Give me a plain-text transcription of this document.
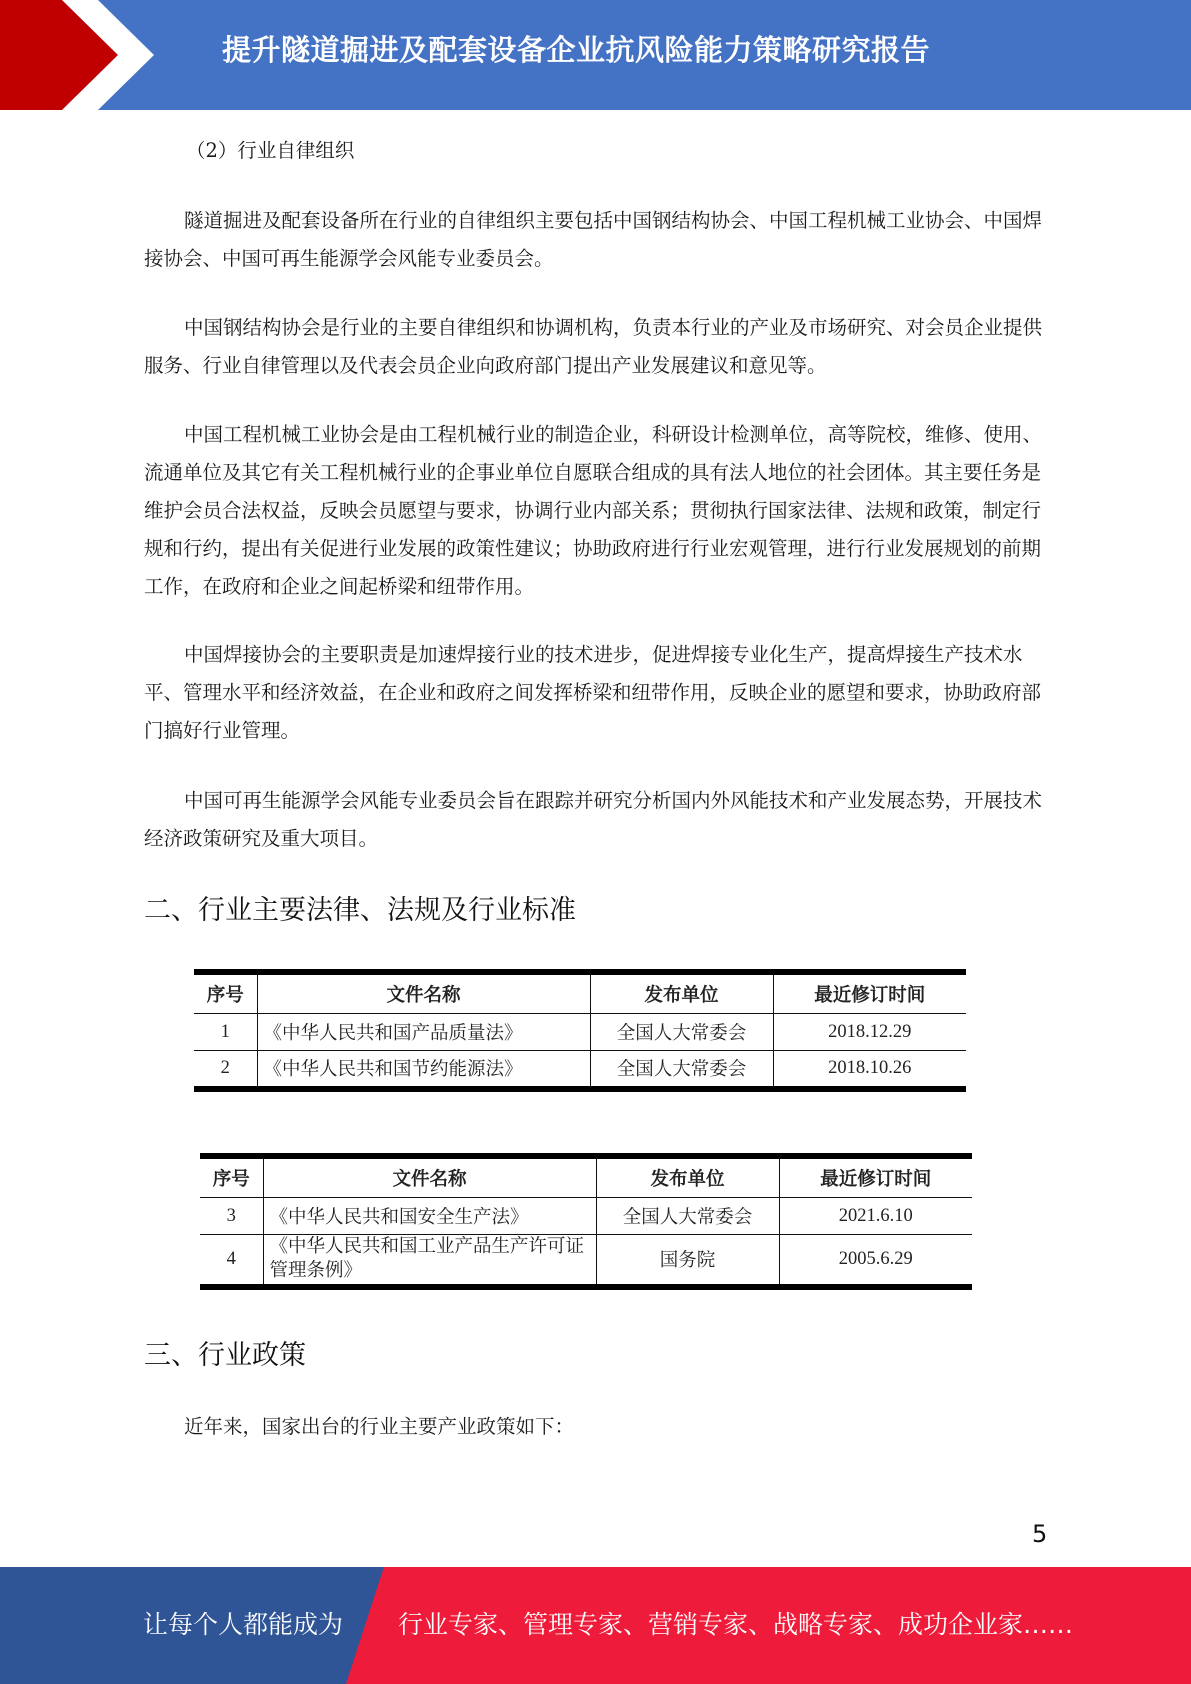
提升隧道掘进及配套设备企业抗风险能力策略研究报告
（2）行业自律组织

隧道掘进及配套设备所在行业的自律组织主要包括中国钢结构协会、中国工程机械工业协会、中国焊接协会、中国可再生能源学会风能专业委员会。

中国钢结构协会是行业的主要自律组织和协调机构，负责本行业的产业及市场研究、对会员企业提供服务、行业自律管理以及代表会员企业向政府部门提出产业发展建议和意见等。

中国工程机械工业协会是由工程机械行业的制造企业，科研设计检测单位，高等院校，维修、使用、流通单位及其它有关工程机械行业的企事业单位自愿联合组成的具有法人地位的社会团体。其主要任务是维护会员合法权益，反映会员愿望与要求，协调行业内部关系；贯彻执行国家法律、法规和政策，制定行规和行约，提出有关促进行业发展的政策性建议；协助政府进行行业宏观管理，进行行业发展规划的前期工作，在政府和企业之间起桥梁和纽带作用。

中国焊接协会的主要职责是加速焊接行业的技术进步，促进焊接专业化生产，提高焊接生产技术水平、管理水平和经济效益，在企业和政府之间发挥桥梁和纽带作用，反映企业的愿望和要求，协助政府部门搞好行业管理。

中国可再生能源学会风能专业委员会旨在跟踪并研究分析国内外风能技术和产业发展态势，开展技术经济政策研究及重大项目。

二、行业主要法律、法规及行业标准
序号	文件名称	发布单位	最近修订时间
1	《中华人民共和国产品质量法》	全国人大常委会	2018.12.29
2	《中华人民共和国节约能源法》	全国人大常委会	2018.10.26
序号	文件名称	发布单位	最近修订时间
3	《中华人民共和国安全生产法》	全国人大常委会	2021.6.10
4	《中华人民共和国工业产品生产许可证管理条例》	国务院	2005.6.29
三、行业政策

近年来，国家出台的行业主要产业政策如下：

5
让每个人都能成为 行业专家、管理专家、营销专家、战略专家、成功企业家……
